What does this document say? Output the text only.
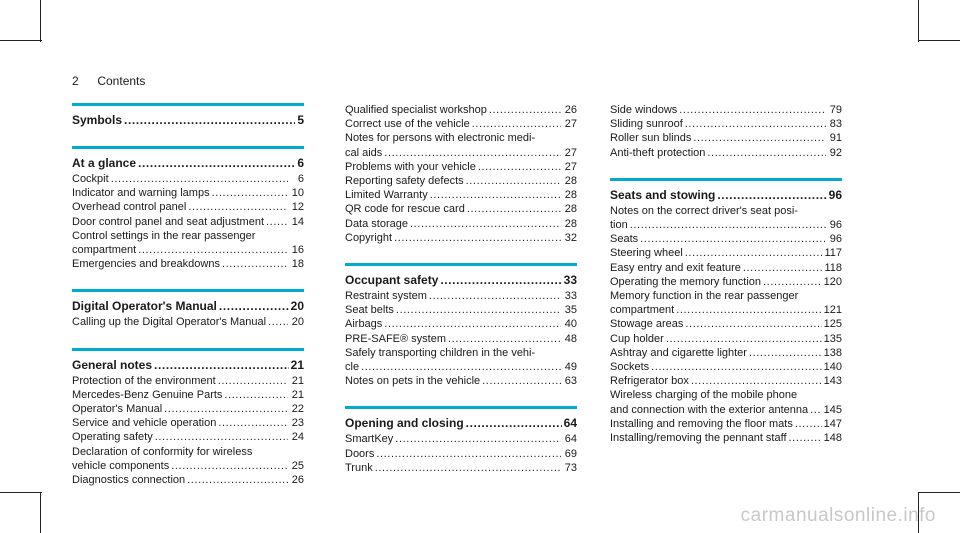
2 Contents
Symbols .....	5
At a glance .....	6
Cockpit .....	6
Indicator and warning lamps .....	10
Overhead control panel .....	12
Door control panel and seat adjustment .....	14
Control settings in the rear passenger
compartment .....	16
Emergencies and breakdowns .....	18
Digital Operator's Manual .....	20
Calling up the Digital Operator's Manual ..... 20
General notes .....	21
Protection of the environment .....	21
Mercedes-Benz Genuine Parts .....	21
Operator's Manual .....	22
Service and vehicle operation .....	23
Operating safety .....	24
Declaration of conformity for wireless
vehicle components .....	25
Diagnostics connection .....	26
Qualified specialist workshop .....	26
Correct use of the vehicle .....	27
Notes for persons with electronic medi-
cal aids .....	27
Problems with your vehicle .....	27
Reporting safety defects .....	28
Limited Warranty .....	28
QR code for rescue card .....	28
Data storage .....	28
Copyright .....	32
Occupant safety .....	33
Restraint system .....	33
Seat belts .....	35
Airbags .....	40
PRE-SAFE® system .....	48
Safely transporting children in the vehi-
cle .....	49
Notes on pets in the vehicle .....	63
Opening and closing .....	64
SmartKey .....	64
Doors .....	69
Trunk .....	73
Side windows .....	79
Sliding sunroof .....	83
Roller sun blinds .....	91
Anti-theft protection .....	92
Seats and stowing .....	96
Notes on the correct driver's seat posi-
tion .....	96
Seats .....	96
Steering wheel .....	117
Easy entry and exit feature .....	118
Operating the memory function .....	120
Memory function in the rear passenger
compartment .....	121
Stowage areas .....	125
Cup holder .....	135
Ashtray and cigarette lighter .....	138
Sockets .....	140
Refrigerator box .....	143
Wireless charging of the mobile phone
and connection with the exterior antenna ..... 145
Installing and removing the floor mats .....	147
Installing/removing the pennant staff .....	148
carmanualsonline.info
